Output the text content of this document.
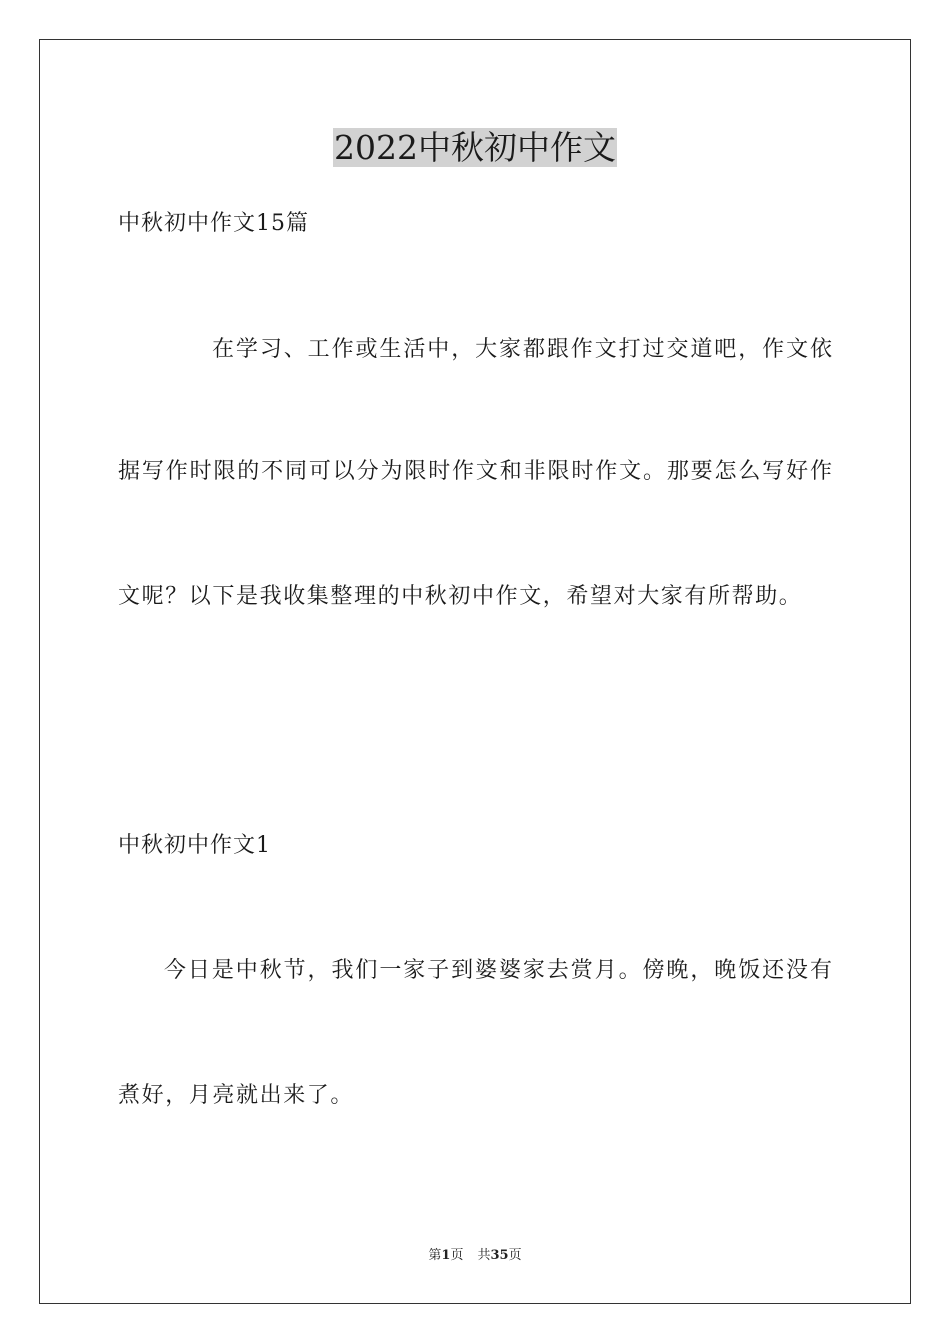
2022中秋初中作文
中秋初中作文15篇
在学习、工作或生活中，大家都跟作文打过交道吧，作文依
据写作时限的不同可以分为限时作文和非限时作文。那要怎么写好作
文呢？以下是我收集整理的中秋初中作文，希望对大家有所帮助。
中秋初中作文1
今日是中秋节，我们一家子到婆婆家去赏月。傍晚，晚饭还没有
煮好，月亮就出来了。
第1页 共35页
